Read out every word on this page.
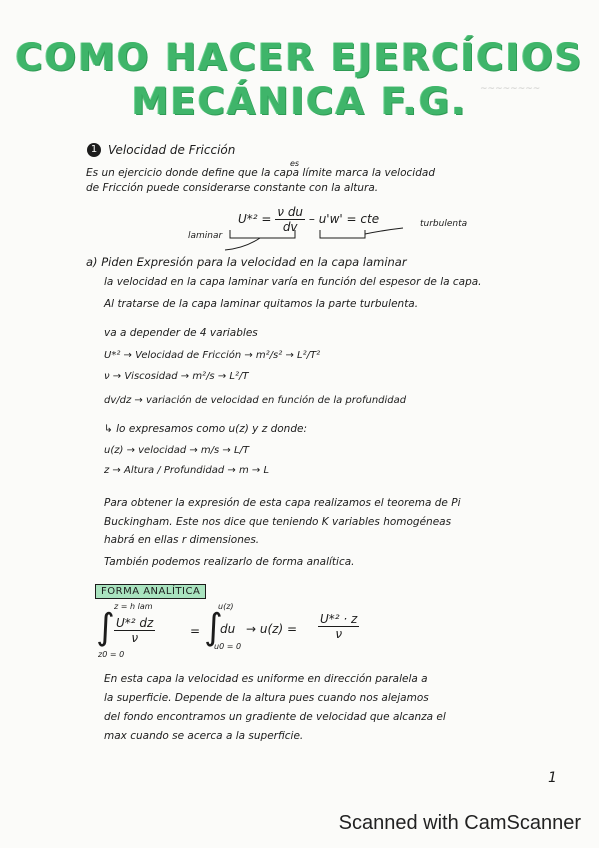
COMO HACER EJERCÍCIOS
MECÁNICA F.G.	~~~~~~~~
1 Velocidad de Fricción
es
Es un ejercicio donde define que la capa límite marca la velocidad
de Fricción puede considerarse constante con la altura.
$U*^2 = \frac{\text{ν du}}{dv} - u'w'$ = cte
laminar
turbulenta
a) Piden Expresión para la velocidad en la capa laminar
la velocidad en la capa laminar varía en función del espesor de la capa.
Al tratarse de la capa laminar quitamos la parte turbulenta.
va a depender de 4 variables
U*² → Velocidad de Fricción → m²/s² → L²/T²
ν → Viscosidad → m²/s → L²/T
dv/dz → variación de velocidad en función de la profundidad
↳ lo expresamos como u(z) y z donde:
u(z) → velocidad → m/s → L/T
z → Altura / Profundidad → m → L
Para obtener la expresión de esta capa realizamos el teorema de Pi
Buckingham. Este nos dice que teniendo K variables homogéneas
habrá en ellas r dimensiones.
También podemos realizarlo de forma analítica.
FORMA ANALÍTICA
∫
z = h lam
z0 = 0
$\frac{\text{U*² dz}}{\nu}$	= ∫
u(z)
u0 = 0
du → $u(z) = \frac{\text{U*² · z}}{\nu}$
En esta capa la velocidad es uniforme en dirección paralela a
la superficie. Depende de la altura pues cuando nos alejamos
del fondo encontramos un gradiente de velocidad que alcanza el
max cuando se acerca a la superficie.
1
Scanned with CamScanner
